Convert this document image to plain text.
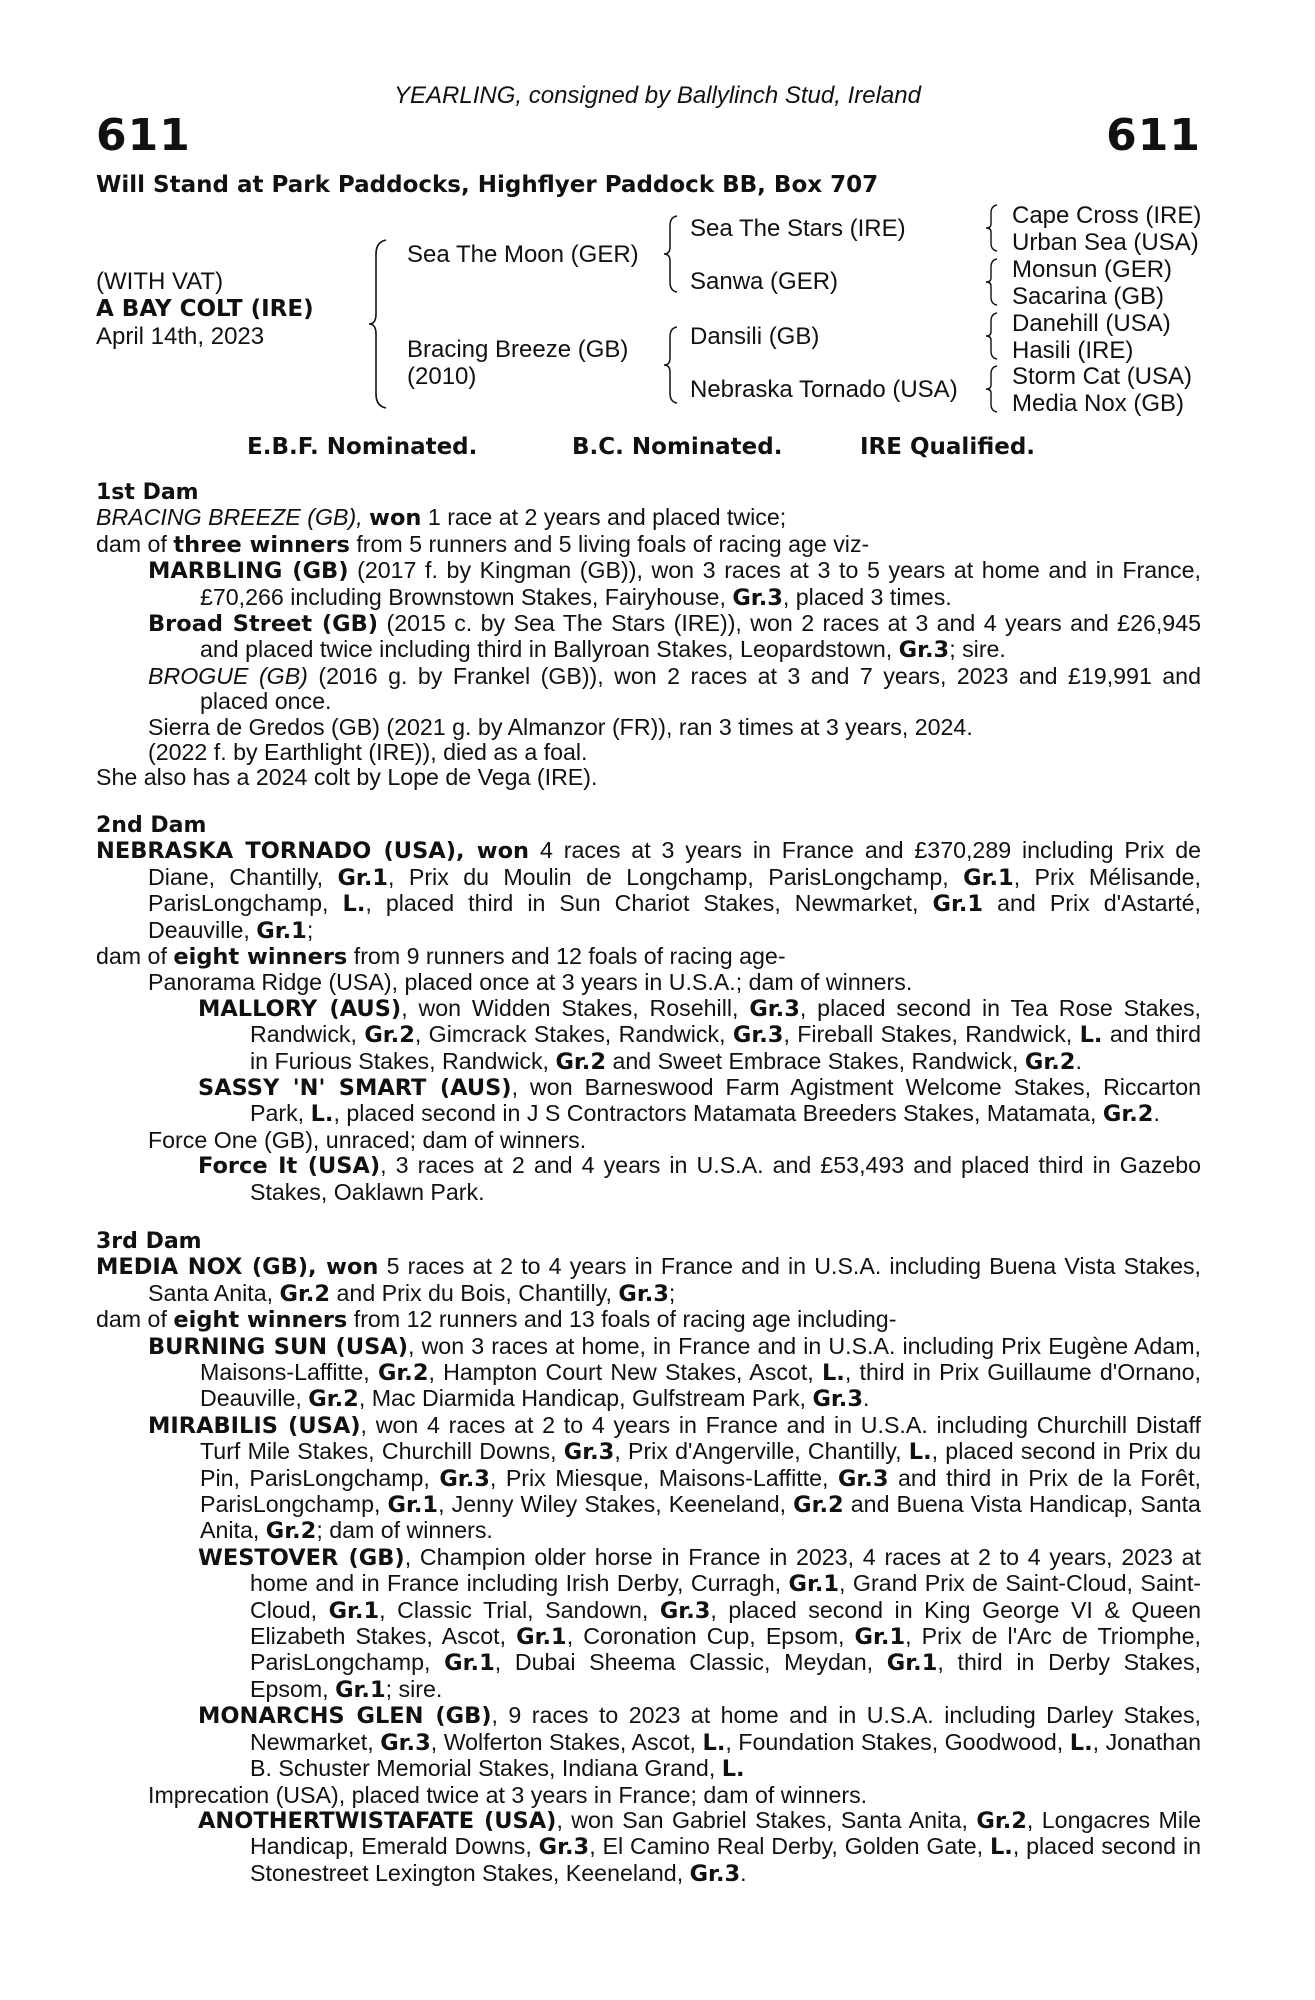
YEARLING, consigned by Ballylinch Stud, Ireland
611	611
Will Stand at Park Paddocks, Highflyer Paddock BB, Box 707
(WITH VAT)
A BAY COLT (IRE)
April 14th, 2023
Sea The Moon (GER)
Bracing Breeze (GB)
(2010)
Sea The Stars (IRE)
Sanwa (GER)
Dansili (GB)
Nebraska Tornado (USA)
Cape Cross (IRE)
Urban Sea (USA)
Monsun (GER)
Sacarina (GB)
Danehill (USA)
Hasili (IRE)
Storm Cat (USA)
Media Nox (GB)
E.B.F. Nominated.	B.C. Nominated.	IRE Qualified.
1st Dam
BRACING BREEZE (GB), won 1 race at 2 years and placed twice;
dam of three winners from 5 runners and 5 living foals of racing age viz-
MARBLING (GB) (2017 f. by Kingman (GB)), won 3 races at 3 to 5 years at home and in France, £70,266 including Brownstown Stakes, Fairyhouse, Gr.3, placed 3 times.
Broad Street (GB) (2015 c. by Sea The Stars (IRE)), won 2 races at 3 and 4 years and £26,945 and placed twice including third in Ballyroan Stakes, Leopardstown, Gr.3; sire.
BROGUE (GB) (2016 g. by Frankel (GB)), won 2 races at 3 and 7 years, 2023 and £19,991 and placed once.
Sierra de Gredos (GB) (2021 g. by Almanzor (FR)), ran 3 times at 3 years, 2024.
(2022 f. by Earthlight (IRE)), died as a foal.
She also has a 2024 colt by Lope de Vega (IRE).
2nd Dam
NEBRASKA TORNADO (USA), won 4 races at 3 years in France and £370,289 including Prix de Diane, Chantilly, Gr.1, Prix du Moulin de Longchamp, ParisLongchamp, Gr.1, Prix Mélisande, ParisLongchamp, L., placed third in Sun Chariot Stakes, Newmarket, Gr.1 and Prix d'Astarté, Deauville, Gr.1;
dam of eight winners from 9 runners and 12 foals of racing age-
Panorama Ridge (USA), placed once at 3 years in U.S.A.; dam of winners.
MALLORY (AUS), won Widden Stakes, Rosehill, Gr.3, placed second in Tea Rose Stakes, Randwick, Gr.2, Gimcrack Stakes, Randwick, Gr.3, Fireball Stakes, Randwick, L. and third in Furious Stakes, Randwick, Gr.2 and Sweet Embrace Stakes, Randwick, Gr.2.
SASSY 'N' SMART (AUS), won Barneswood Farm Agistment Welcome Stakes, Riccarton Park, L., placed second in J S Contractors Matamata Breeders Stakes, Matamata, Gr.2.
Force One (GB), unraced; dam of winners.
Force It (USA), 3 races at 2 and 4 years in U.S.A. and £53,493 and placed third in Gazebo Stakes, Oaklawn Park.
3rd Dam
MEDIA NOX (GB), won 5 races at 2 to 4 years in France and in U.S.A. including Buena Vista Stakes, Santa Anita, Gr.2 and Prix du Bois, Chantilly, Gr.3;
dam of eight winners from 12 runners and 13 foals of racing age including-
BURNING SUN (USA), won 3 races at home, in France and in U.S.A. including Prix Eugène Adam, Maisons-Laffitte, Gr.2, Hampton Court New Stakes, Ascot, L., third in Prix Guillaume d'Ornano, Deauville, Gr.2, Mac Diarmida Handicap, Gulfstream Park, Gr.3.
MIRABILIS (USA), won 4 races at 2 to 4 years in France and in U.S.A. including Churchill Distaff Turf Mile Stakes, Churchill Downs, Gr.3, Prix d'Angerville, Chantilly, L., placed second in Prix du Pin, ParisLongchamp, Gr.3, Prix Miesque, Maisons-Laffitte, Gr.3 and third in Prix de la Forêt, ParisLongchamp, Gr.1, Jenny Wiley Stakes, Keeneland, Gr.2 and Buena Vista Handicap, Santa Anita, Gr.2; dam of winners.
WESTOVER (GB), Champion older horse in France in 2023, 4 races at 2 to 4 years, 2023 at home and in France including Irish Derby, Curragh, Gr.1, Grand Prix de Saint-Cloud, Saint-Cloud, Gr.1, Classic Trial, Sandown, Gr.3, placed second in King George VI & Queen Elizabeth Stakes, Ascot, Gr.1, Coronation Cup, Epsom, Gr.1, Prix de l'Arc de Triomphe, ParisLongchamp, Gr.1, Dubai Sheema Classic, Meydan, Gr.1, third in Derby Stakes, Epsom, Gr.1; sire.
MONARCHS GLEN (GB), 9 races to 2023 at home and in U.S.A. including Darley Stakes, Newmarket, Gr.3, Wolferton Stakes, Ascot, L., Foundation Stakes, Goodwood, L., Jonathan B. Schuster Memorial Stakes, Indiana Grand, L.
Imprecation (USA), placed twice at 3 years in France; dam of winners.
ANOTHERTWISTAFATE (USA), won San Gabriel Stakes, Santa Anita, Gr.2, Longacres Mile Handicap, Emerald Downs, Gr.3, El Camino Real Derby, Golden Gate, L., placed second in Stonestreet Lexington Stakes, Keeneland, Gr.3.
